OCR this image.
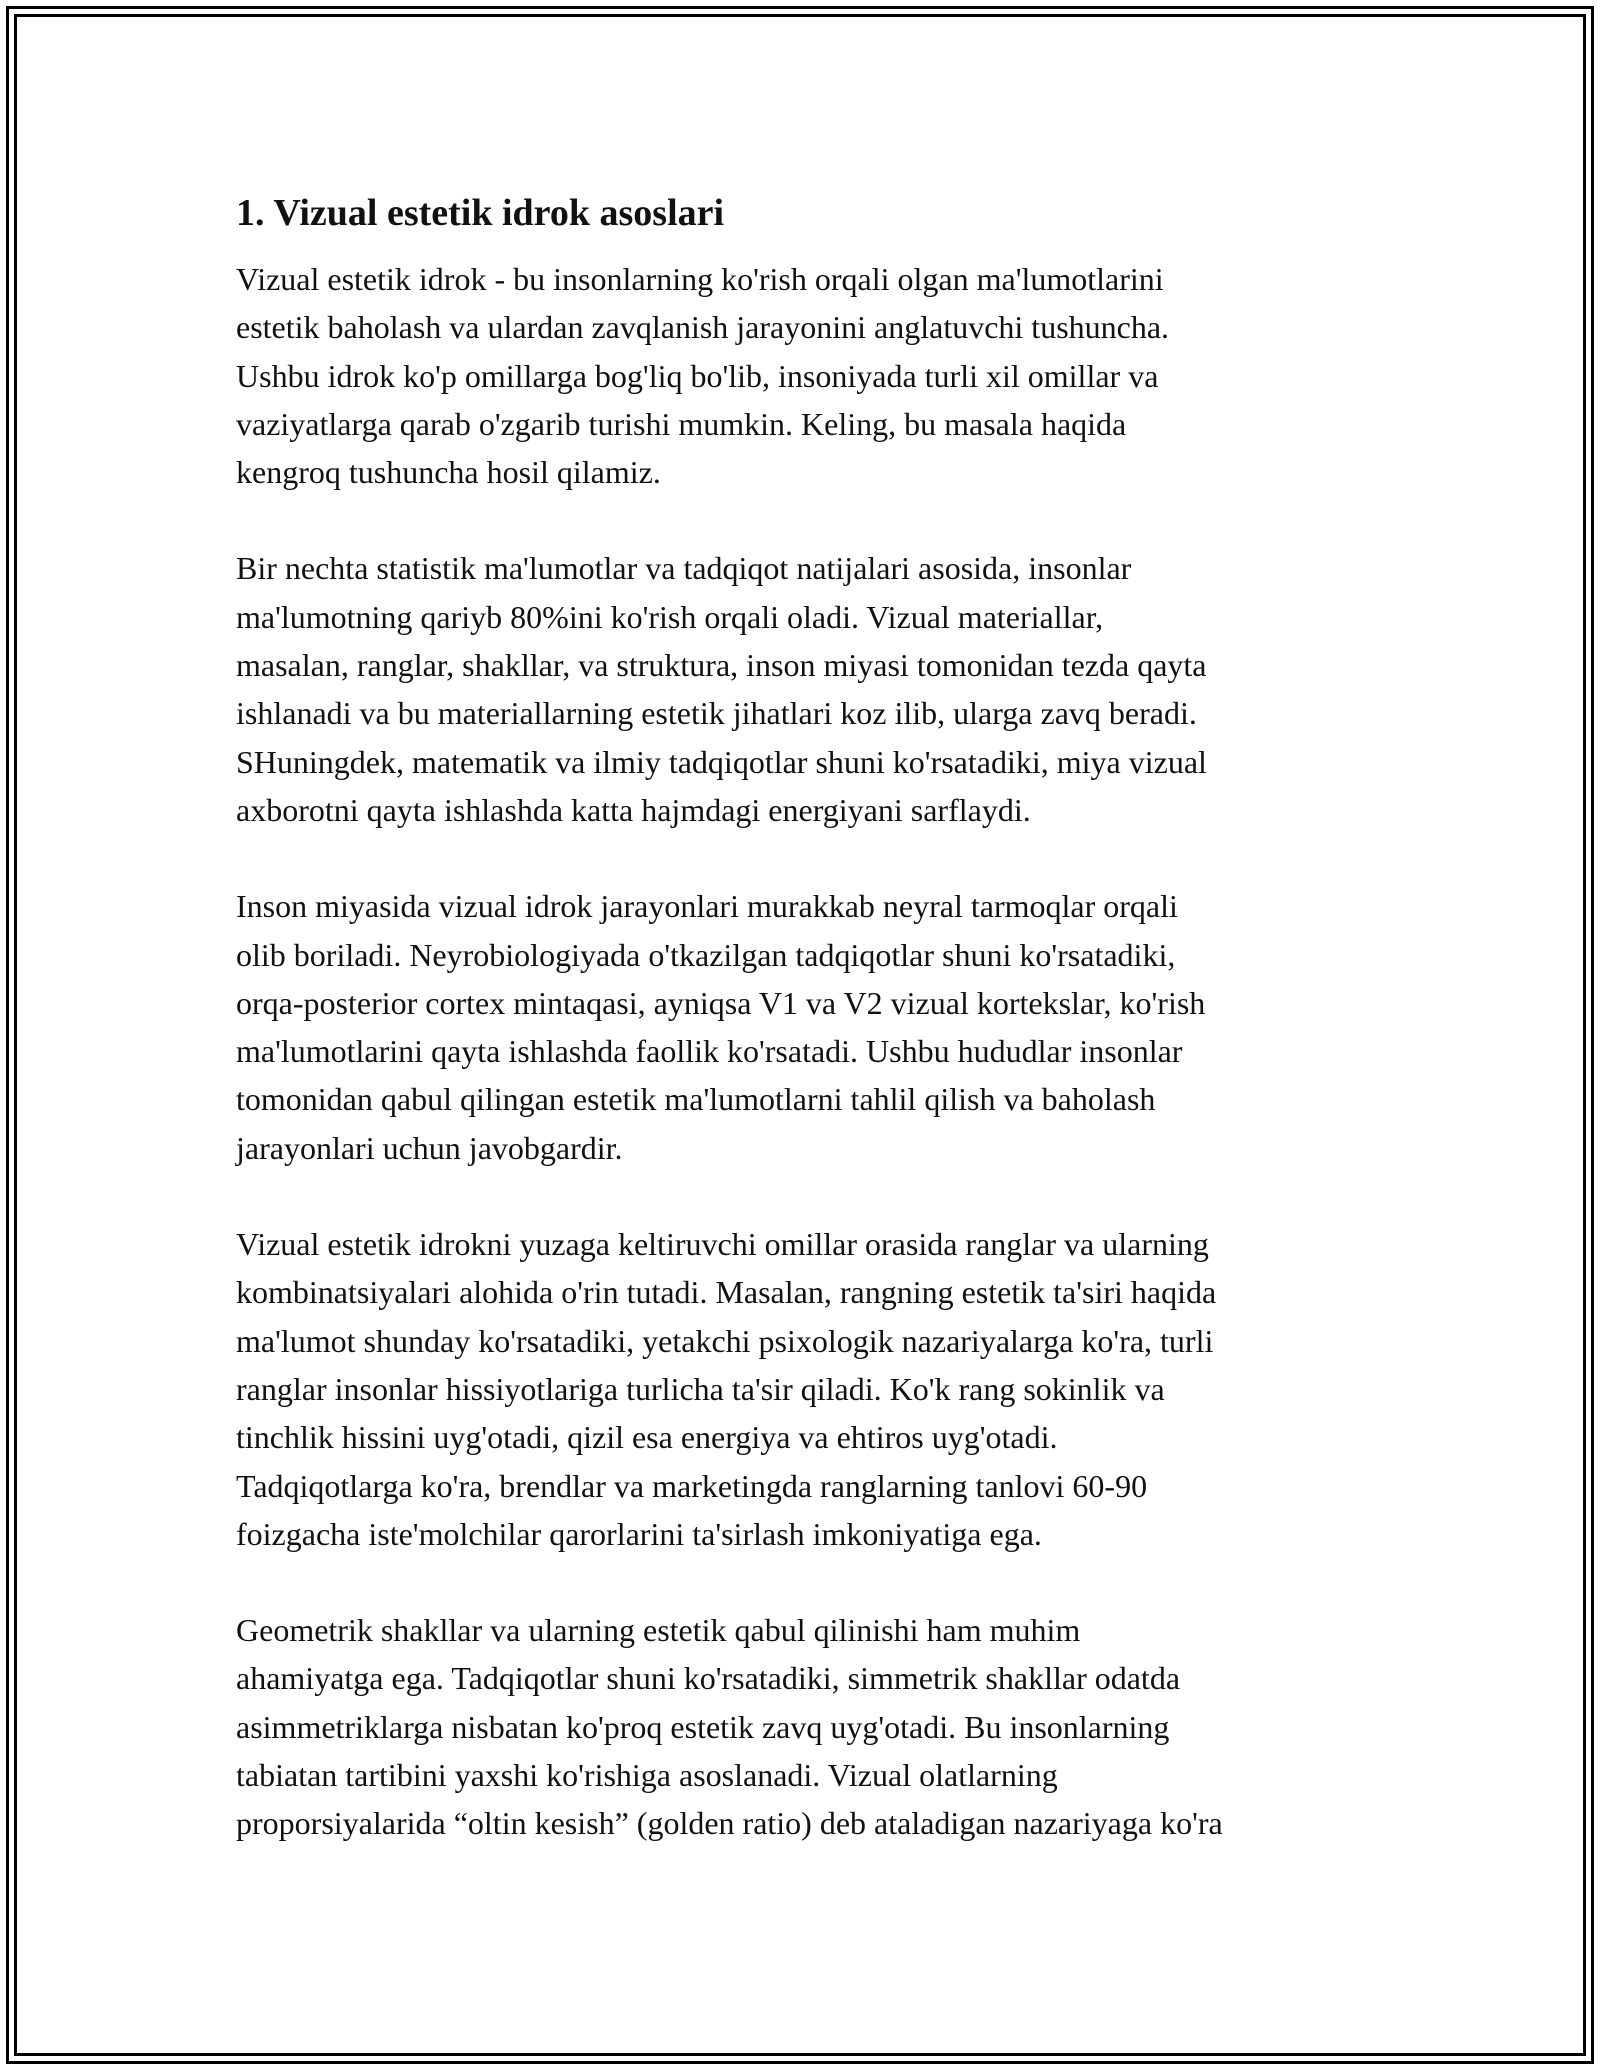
1. Vizual estetik idrok asoslari

Vizual estetik idrok - bu insonlarning ko'rish orqali olgan ma'lumotlarini
estetik baholash va ulardan zavqlanish jarayonini anglatuvchi tushuncha.
Ushbu idrok ko'p omillarga bog'liq bo'lib, insoniyada turli xil omillar va
vaziyatlarga qarab o'zgarib turishi mumkin. Keling, bu masala haqida
kengroq tushuncha hosil qilamiz.

Bir nechta statistik ma'lumotlar va tadqiqot natijalari asosida, insonlar
ma'lumotning qariyb 80%ini ko'rish orqali oladi. Vizual materiallar,
masalan, ranglar, shakllar, va struktura, inson miyasi tomonidan tezda qayta
ishlanadi va bu materiallarning estetik jihatlari koz ilib, ularga zavq beradi.
SHuningdek, matematik va ilmiy tadqiqotlar shuni ko'rsatadiki, miya vizual
axborotni qayta ishlashda katta hajmdagi energiyani sarflaydi.

Inson miyasida vizual idrok jarayonlari murakkab neyral tarmoqlar orqali
olib boriladi. Neyrobiologiyada o'tkazilgan tadqiqotlar shuni ko'rsatadiki,
orqa-posterior cortex mintaqasi, ayniqsa V1 va V2 vizual kortekslar, ko'rish
ma'lumotlarini qayta ishlashda faollik ko'rsatadi. Ushbu hududlar insonlar
tomonidan qabul qilingan estetik ma'lumotlarni tahlil qilish va baholash
jarayonlari uchun javobgardir.

Vizual estetik idrokni yuzaga keltiruvchi omillar orasida ranglar va ularning
kombinatsiyalari alohida o'rin tutadi. Masalan, rangning estetik ta'siri haqida
ma'lumot shunday ko'rsatadiki, yetakchi psixologik nazariyalarga ko'ra, turli
ranglar insonlar hissiyotlariga turlicha ta'sir qiladi. Ko'k rang sokinlik va
tinchlik hissini uyg'otadi, qizil esa energiya va ehtiros uyg'otadi.
Tadqiqotlarga ko'ra, brendlar va marketingda ranglarning tanlovi 60-90
foizgacha iste'molchilar qarorlarini ta'sirlash imkoniyatiga ega.

Geometrik shakllar va ularning estetik qabul qilinishi ham muhim
ahamiyatga ega. Tadqiqotlar shuni ko'rsatadiki, simmetrik shakllar odatda
asimmetriklarga nisbatan ko'proq estetik zavq uyg'otadi. Bu insonlarning
tabiatan tartibini yaxshi ko'rishiga asoslanadi. Vizual olatlarning
proporsiyalarida “oltin kesish” (golden ratio) deb ataladigan nazariyaga ko'ra
